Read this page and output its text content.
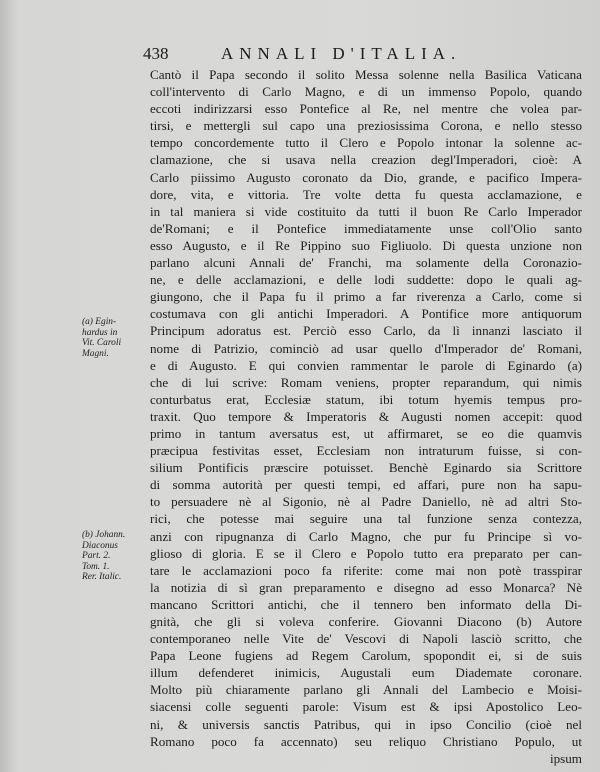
438	ANNALI D'ITALIA.
Cantò il Papa secondo il solito Messa solenne nella Basilica Vaticana
coll'intervento di Carlo Magno, e di un immenso Popolo, quando
eccoti indirizzarsi esso Pontefice al Re, nel mentre che volea par-
tirsi, e mettergli sul capo una preziosissima Corona, e nello stesso
tempo concordemente tutto il Clero e Popolo intonar la solenne ac-
clamazione, che si usava nella creazion degl'Imperadori, cioè: A
Carlo piissimo Augusto coronato da Dio, grande, e pacifico Impera-
dore, vita, e vittoria. Tre volte detta fu questa acclamazione, e
in tal maniera si vide costituito da tutti il buon Re Carlo Imperador
de'Romani; e il Pontefice immediatamente unse coll'Olio santo
esso Augusto, e il Re Pippino suo Figliuolo. Di questa unzione non
parlano alcuni Annali de' Franchi, ma solamente della Coronazio-
ne, e delle acclamazioni, e delle lodi suddette: dopo le quali ag-
giungono, che il Papa fu il primo a far riverenza a Carlo, come si
costumava con gli antichi Imperadori. A Pontifice more antiquorum
Principum adoratus est. Perciò esso Carlo, da lì innanzi lasciato il
nome di Patrizio, cominciò ad usar quello d'Imperador de' Romani,
e di Augusto. E qui convien rammentar le parole di Eginardo (a)
che di lui scrive: Romam veniens, propter reparandum, qui nimis
conturbatus erat, Ecclesiæ statum, ibi totum hyemis tempus pro-
traxit. Quo tempore & Imperatoris & Augusti nomen accepit: quod
primo in tantum aversatus est, ut affirmaret, se eo die quamvis
præcipua festivitas esset, Ecclesiam non intraturum fuisse, si con-
silium Pontificis præscire potuisset. Benchè Eginardo sia Scrittore
di somma autorità per questi tempi, ed affari, pure non ha sapu-
to persuadere nè al Sigonio, nè al Padre Daniello, nè ad altri Sto-
rici, che potesse mai seguire una tal funzione senza contezza,
anzi con ripugnanza di Carlo Magno, che pur fu Principe sì vo-
glioso di gloria. E se il Clero e Popolo tutto era preparato per can-
tare le acclamazioni poco fa riferite: come mai non potè trasspirar
la notizia di sì gran preparamento e disegno ad esso Monarca? Nè
mancano Scrittori antichi, che il tennero ben informato della Di-
gnità, che gli si voleva conferire. Giovanni Diacono (b) Autore
contemporaneo nelle Vite de' Vescovi di Napoli lasciò scritto, che
Papa Leone fugiens ad Regem Carolum, spopondit ei, si de suis
illum defenderet inimicis, Augustali eum Diademate coronare.
Molto più chiaramente parlano gli Annali del Lambecio e Moisi-
siacensi colle seguenti parole: Visum est & ipsi Apostolico Leo-
ni, & universis sanctis Patribus, qui in ipso Concilio (cioè nel
Romano poco fa accennato) seu reliquo Christiano Populo, ut
ipsum
(a) Egin-
hardus in
Vit. Caroli
Magni.
(b) Johann.
Diaconus
Part. 2.
Tom. 1.
Rer. Italic.
